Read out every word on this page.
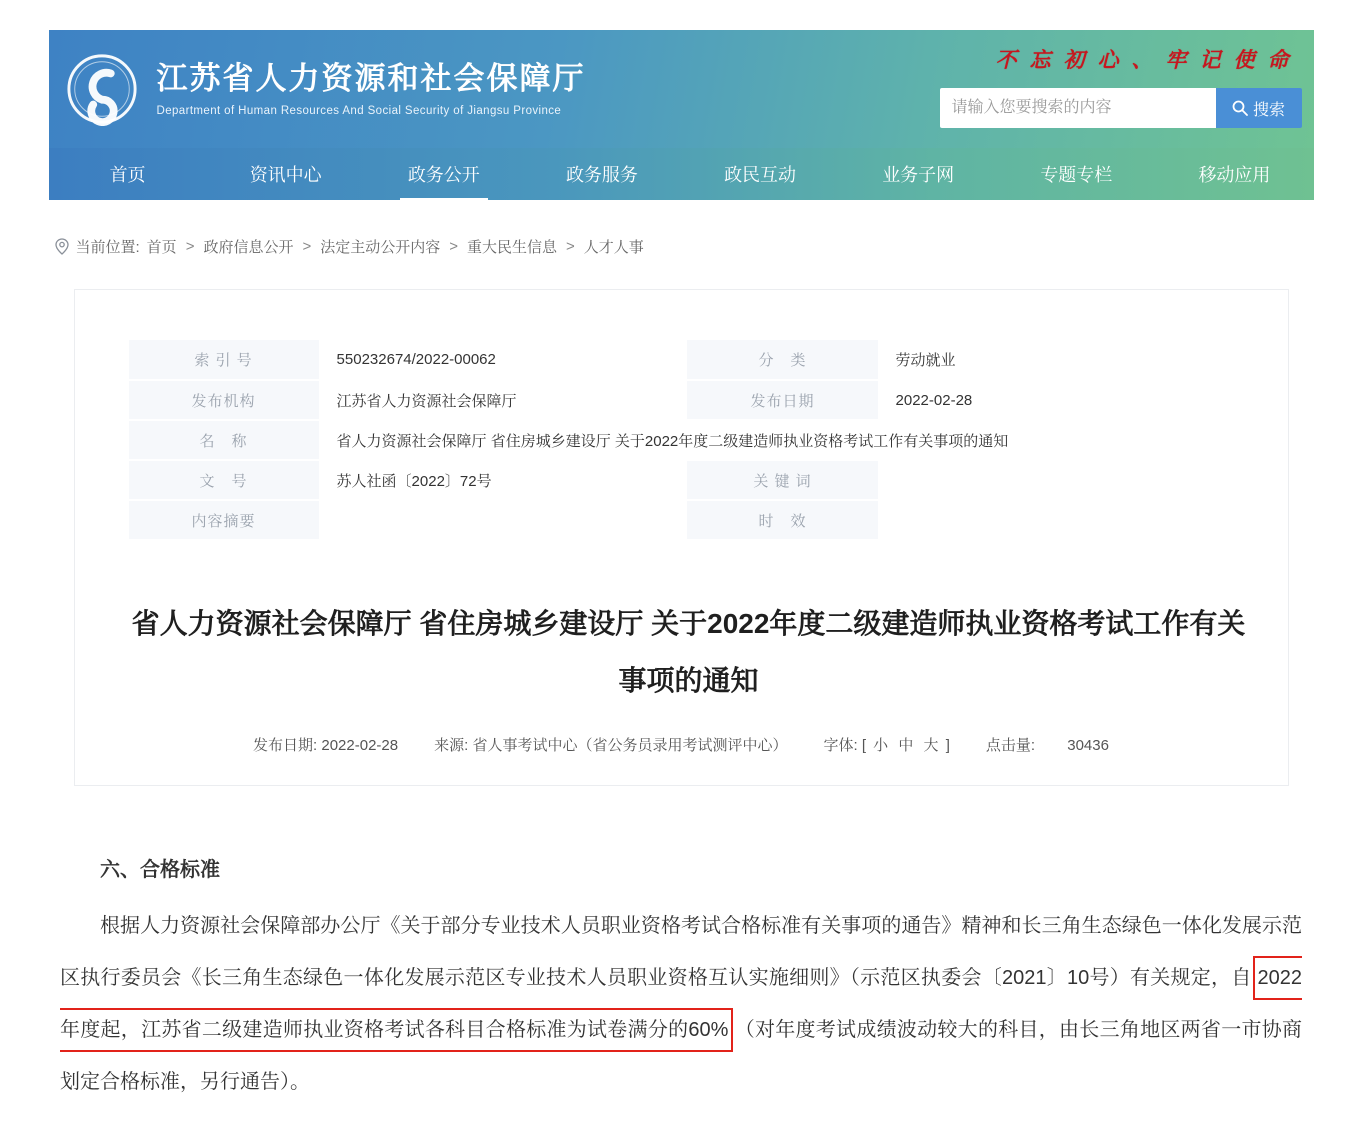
江苏省人力资源和社会保障厅
Department of Human Resources And Social Security of Jiangsu Province
不忘初心、牢记使命
请输入您要搜索的内容
搜索
首页	资讯中心	政务公开	政务服务	政民互动	业务子网	专题专栏	移动应用
当前位置: 首页 > 政府信息公开 > 法定主动公开内容 > 重大民生信息 > 人才人事
索 引 号	550232674/2022-00062	分　类	劳动就业
发布机构	江苏省人力资源社会保障厅	发布日期	2022-02-28
名　称	省人力资源社会保障厅 省住房城乡建设厅 关于2022年度二级建造师执业资格考试工作有关事项的通知		
文　号	苏人社函〔2022〕72号	关 键 词	
内容摘要		时　效	
省人力资源社会保障厅 省住房城乡建设厅 关于2022年度二级建造师执业资格考试工作有关事项的通知
发布日期: 2022-02-28 来源: 省人事考试中心（省公务员录用考试测评中心） 字体: [ 小 中 大 ] 点击量: 30436
六、合格标准

根据人力资源社会保障部办公厅《关于部分专业技术人员职业资格考试合格标准有关事项的通告》精神和长三角生态绿色一体化发展示范区执行委员会《长三角生态绿色一体化发展示范区专业技术人员职业资格互认实施细则》（示范区执委会〔2021〕10号）有关规定，自 2022年度起，江苏省二级建造师执业资格考试各科目合格标准为试卷满分的60% （对年度考试成绩波动较大的科目，由长三角地区两省一市协商划定合格标准，另行通告）。
